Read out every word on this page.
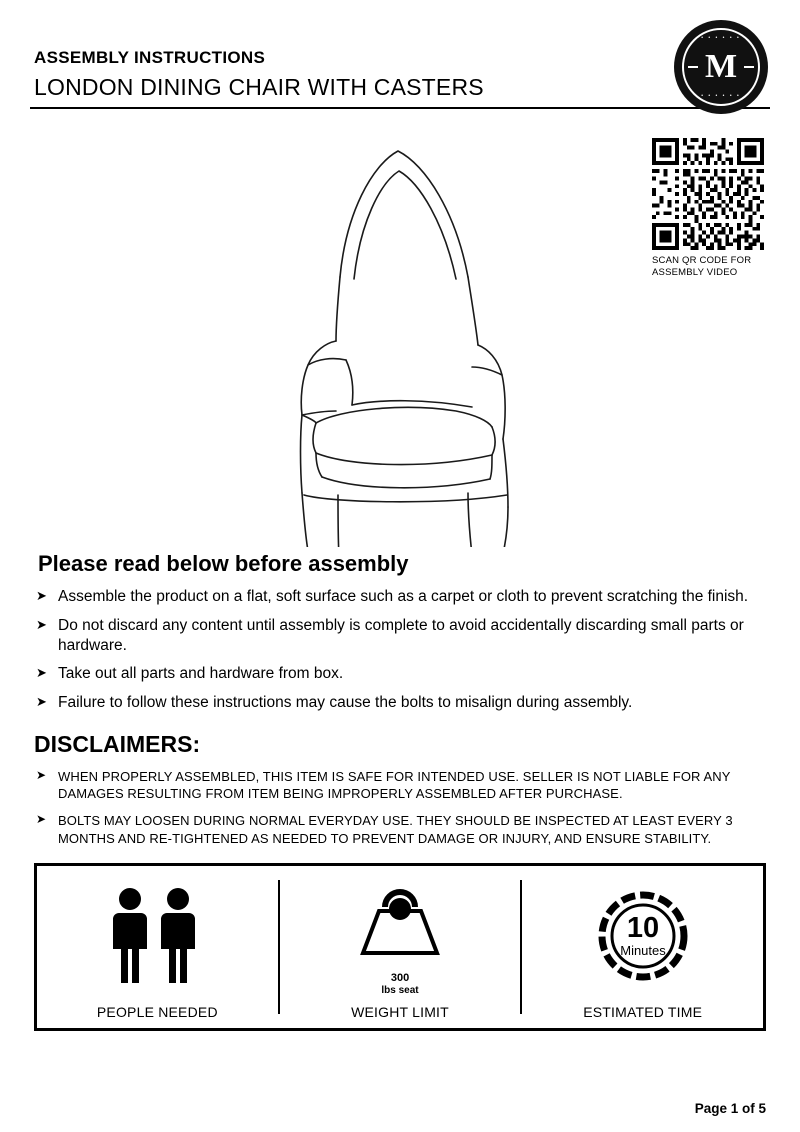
ASSEMBLY INSTRUCTIONS
LONDON DINING CHAIR WITH CASTERS
• • • • • •
M
• • • • • •
SCAN QR CODE FOR
ASSEMBLY VIDEO
Please read below before assembly
➤ Assemble the product on a flat, soft surface such as a carpet or cloth to prevent scratching the finish.
➤ Do not discard any content until assembly is complete to avoid accidentally discarding small parts or hardware.
➤ Take out all parts and hardware from box.
➤ Failure to follow these instructions may cause the bolts to misalign during assembly.
DISCLAIMERS:
➤ WHEN PROPERLY ASSEMBLED, THIS ITEM IS SAFE FOR INTENDED USE. SELLER IS NOT LIABLE FOR ANY DAMAGES RESULTING FROM ITEM BEING IMPROPERLY ASSEMBLED AFTER PURCHASE.
➤ BOLTS MAY LOOSEN DURING NORMAL EVERYDAY USE. THEY SHOULD BE INSPECTED AT LEAST EVERY 3 MONTHS AND RE-TIGHTENED AS NEEDED TO PREVENT DAMAGE OR INJURY, AND ENSURE STABILITY.
PEOPLE NEEDED
300
lbs seat
WEIGHT LIMIT
10
Minutes
ESTIMATED TIME
Page 1 of 5
